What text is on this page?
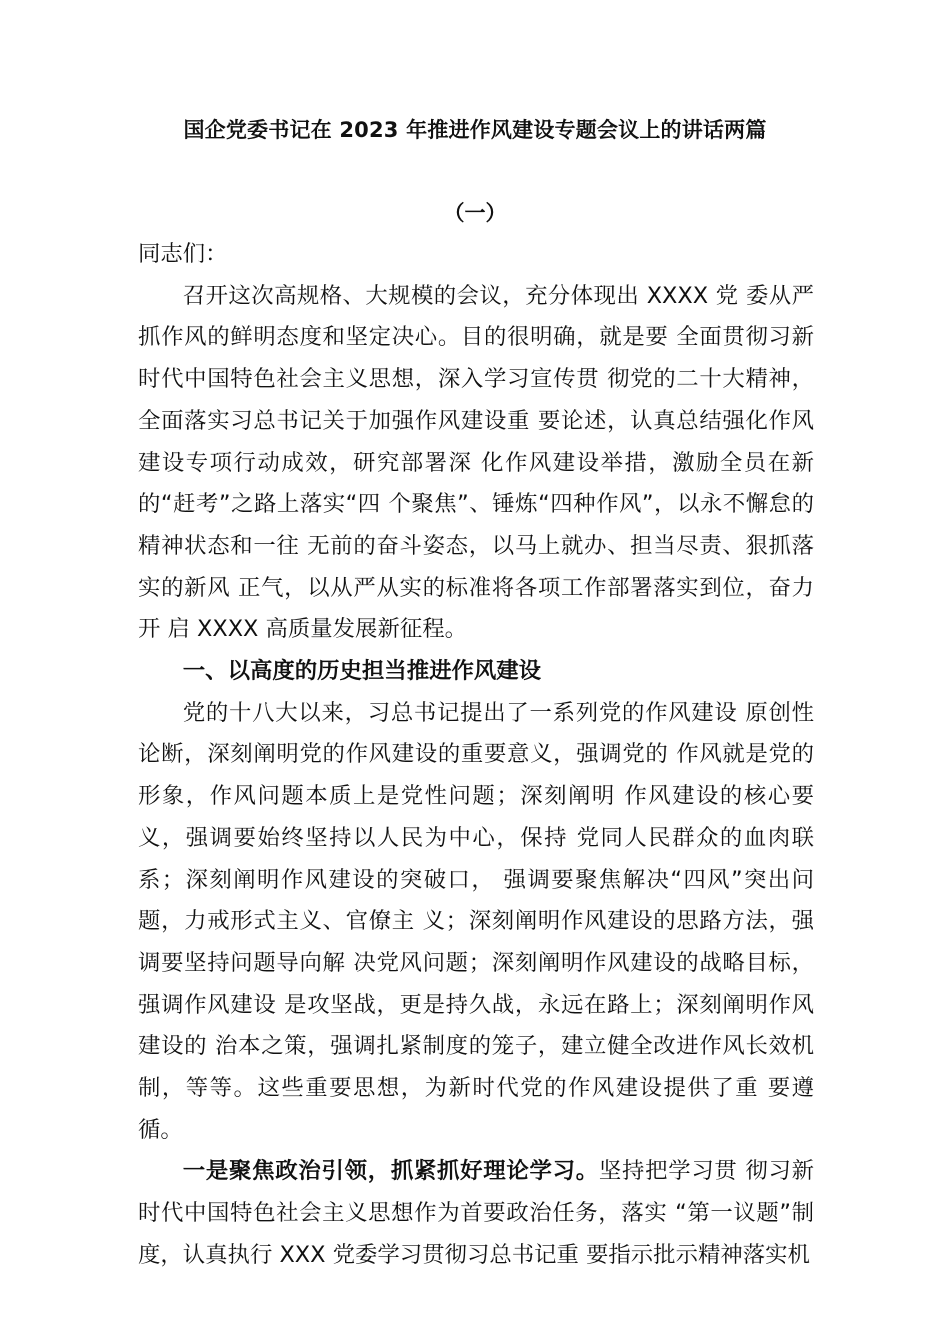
国企党委书记在 2023 年推进作风建设专题会议上的讲话两篇
（一）

同志们：

召开这次高规格、大规模的会议，充分体现出 XXXX 党 委从严抓作风的鲜明态度和坚定决心。目的很明确，就是要 全面贯彻习新时代中国特色社会主义思想，深入学习宣传贯 彻党的二十大精神，全面落实习总书记关于加强作风建设重 要论述，认真总结强化作风建设专项行动成效，研究部署深 化作风建设举措，激励全员在新的“赶考”之路上落实“四 个聚焦”、锤炼“四种作风”，以永不懈怠的精神状态和一往 无前的奋斗姿态，以马上就办、担当尽责、狠抓落实的新风 正气，以从严从实的标准将各项工作部署落实到位，奋力开 启 XXXX 高质量发展新征程。

一、以高度的历史担当推进作风建设

党的十八大以来，习总书记提出了一系列党的作风建设 原创性论断，深刻阐明党的作风建设的重要意义，强调党的 作风就是党的形象，作风问题本质上是党性问题；深刻阐明 作风建设的核心要义，强调要始终坚持以人民为中心，保持 党同人民群众的血肉联系；深刻阐明作风建设的突破口， 强调要聚焦解决“四风”突出问题，力戒形式主义、官僚主 义；深刻阐明作风建设的思路方法，强调要坚持问题导向解 决党风问题；深刻阐明作风建设的战略目标，强调作风建设 是攻坚战，更是持久战，永远在路上；深刻阐明作风建设的 治本之策，强调扎紧制度的笼子，建立健全改进作风长效机 制，等等。这些重要思想，为新时代党的作风建设提供了重 要遵循。

一是聚焦政治引领，抓紧抓好理论学习。坚持把学习贯 彻习新时代中国特色社会主义思想作为首要政治任务，落实 “第一议题”制度，认真执行 XXX 党委学习贯彻习总书记重 要指示批示精神落实机
